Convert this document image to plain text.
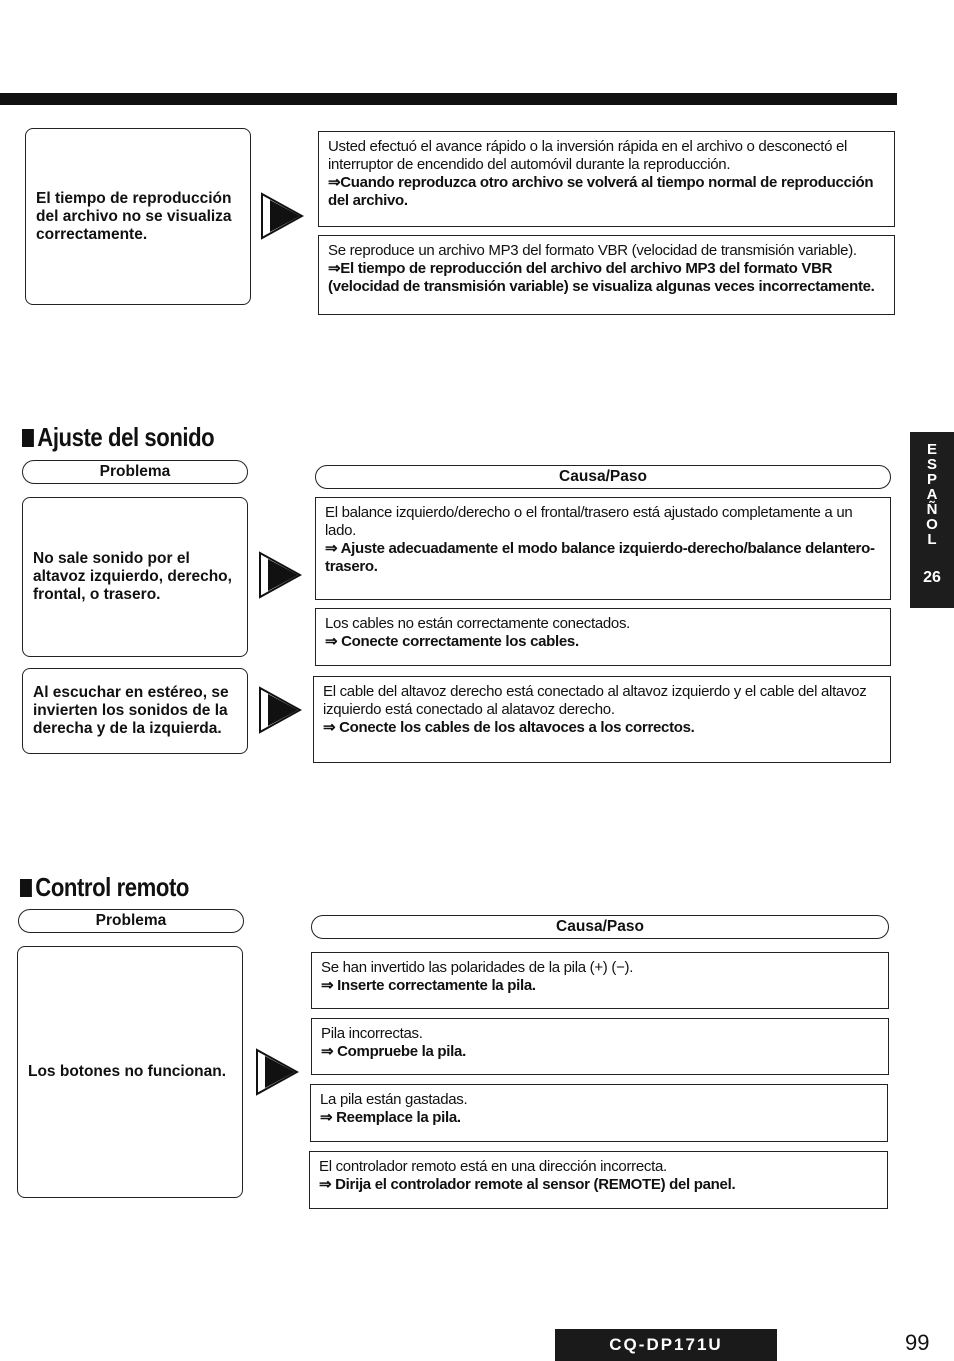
El tiempo de reproducción del archivo no se visualiza correctamente.
Usted efectuó el avance rápido o la inversión rápida en el archivo o desconectó el interruptor de encendido del automóvil durante la reproducción.
⇒Cuando reproduzca otro archivo se volverá al tiempo normal de reproducción del archivo.
Se reproduce un archivo MP3 del formato VBR (velocidad de transmisión variable).
⇒El tiempo de reproducción del archivo del archivo MP3 del formato VBR (velocidad de transmisión variable) se visualiza algunas veces incorrectamente.
Ajuste del sonido
Problema	Causa/Paso
No sale sonido por el altavoz izquierdo, derecho, frontal, o trasero.
El balance izquierdo/derecho o el frontal/trasero está ajustado completamente a un lado.
⇒ Ajuste adecuadamente el modo balance izquierdo-derecho/balance delantero-trasero.
Los cables no están correctamente conectados.
⇒ Conecte correctamente los cables.
Al escuchar en estéreo, se invierten los sonidos de la derecha y de la izquierda.
El cable del altavoz derecho está conectado al altavoz izquierdo y el cable del altavoz izquierdo está conectado al alatavoz derecho.
⇒ Conecte los cables de los altavoces a los correctos.
Control remoto
Problema	Causa/Paso
Los botones no funcionan.
Se han invertido las polaridades de la pila (+) (−).
⇒ Inserte correctamente la pila.
Pila incorrectas.
⇒ Compruebe la pila.
La pila están gastadas.
⇒ Reemplace la pila.
El controlador remoto está en una dirección incorrecta.
⇒ Dirija el controlador remote al sensor (REMOTE) del panel.
E
S
P
A
Ñ
O
L
26
CQ-DP171U	99
